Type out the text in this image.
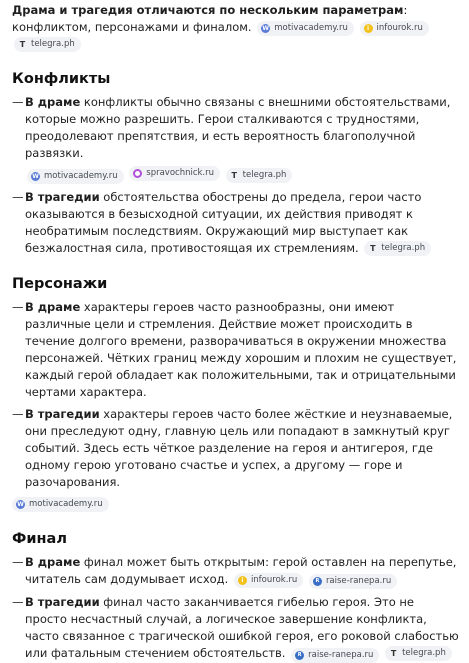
Драма и трагедия отличаются по нескольким параметрам: конфликтом, персонажами и финалом. W motivacademy.ru
	i infourok.ru

T telegra.ph

Конфликты
— В драме конфликты обычно связаны с внешними обстоятельствами, которые можно разрешить. Герои сталкиваются с трудностями, преодолевают препятствия, и есть вероятность благополучной развязки.
W motivacademy.ru
	spravochnick.ru
T telegra.ph
— В трагедии обстоятельства обострены до предела, герои часто оказываются в безысходной ситуации, их действия приводят к необратимым последствиям. Окружающий мир выступает как безжалостная сила, противостоящая их стремлениям. T telegra.ph
Персонажи
— В драме характеры героев часто разнообразны, они имеют различные цели и стремления. Действие может происходить в течение долгого времени, разворачиваться в окружении множества персонажей. Чётких границ между хорошим и плохим не существует, каждый герой обладает как положительными, так и отрицательными чертами характера.
— В трагедии характеры героев часто более жёсткие и неузнаваемые, они преследуют одну, главную цель или попадают в замкнутый круг событий. Здесь есть чёткое разделение на героя и антигероя, где одному герою уготовано счастье и успех, а другому — горе и разочарования.
W motivacademy.ru
Финал
— В драме финал может быть открытым: герой оставлен на перепутье, читатель сам додумывает исход.	i infourok.ru
	R raise-ranepa.ru
— В трагедии финал часто заканчивается гибелью героя. Это не просто несчастный случай, а логическое завершение конфликта, часто связанное с трагической ошибкой героя, его роковой слабостью или фатальным стечением обстоятельств.	R raise-ranepa.ru
T telegra.ph
